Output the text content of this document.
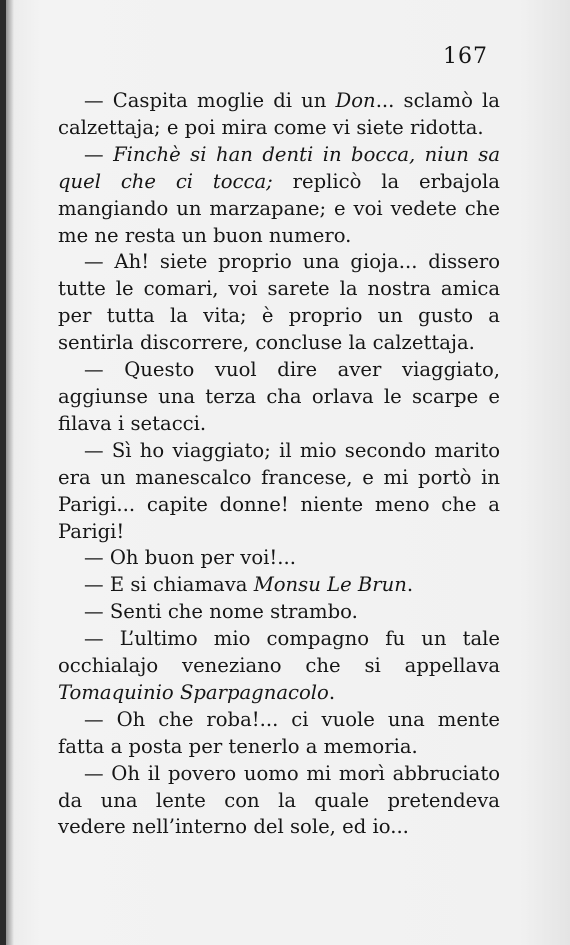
167

— Caspita moglie di un Don... sclamò la calzettaja; e poi mira come vi siete ridotta.

— Finchè si han denti in bocca, niun sa quel che ci tocca; replicò la erbajola mangiando un marzapane; e voi vedete che me ne resta un buon numero.

— Ah! siete proprio una gioja... dissero tutte le comari, voi sarete la nostra amica per tutta la vita; è proprio un gusto a sentirla discorrere, concluse la calzettaja.

— Questo vuol dire aver viaggiato, aggiunse una terza cha orlava le scarpe e filava i setacci.

— Sì ho viaggiato; il mio secondo marito era un manescalco francese, e mi portò in Parigi... capite donne! niente meno che a Parigi!

— Oh buon per voi!...

— E si chiamava Monsu Le Brun.

— Senti che nome strambo.

— L’ultimo mio compagno fu un tale occhialajo veneziano che si appellava Tomaquinio Sparpagnacolo.

— Oh che roba!... ci vuole una mente fatta a posta per tenerlo a memoria.

— Oh il povero uomo mi morì abbruciato da una lente con la quale pretendeva vedere nell’interno del sole, ed io...
